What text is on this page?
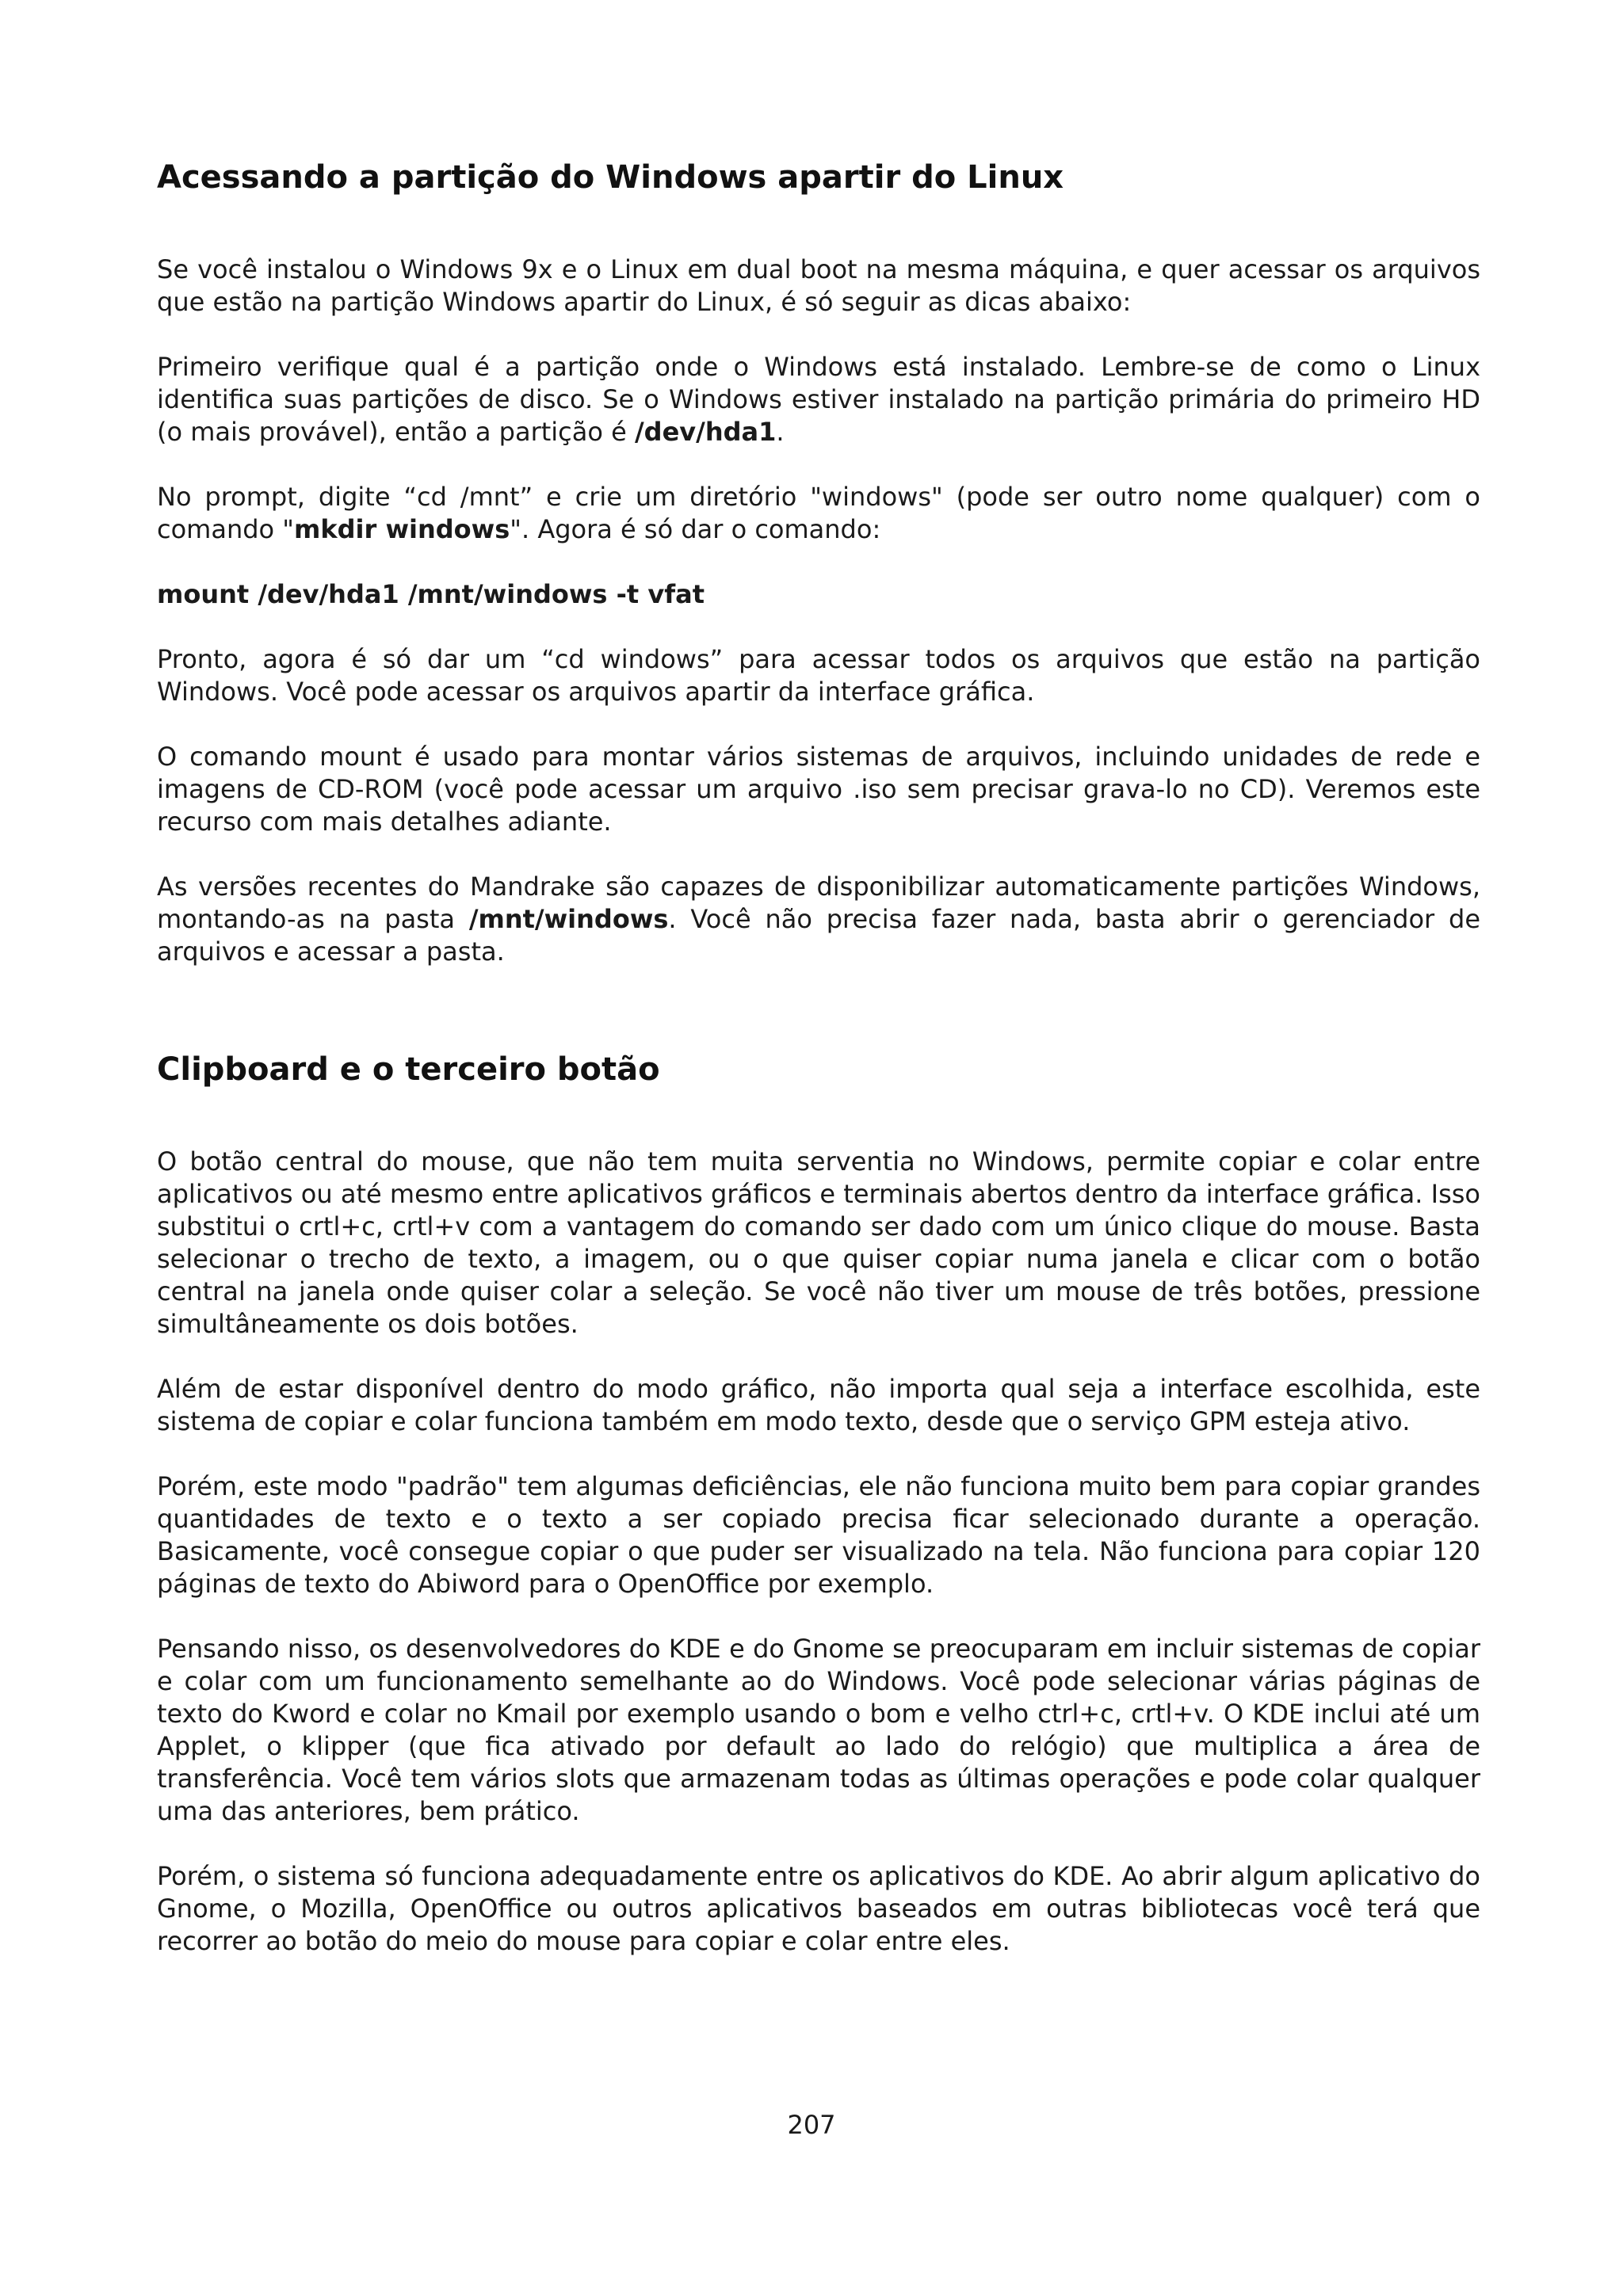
Acessando a partição do Windows apartir do Linux

Se você instalou o Windows 9x e o Linux em dual boot na mesma máquina, e quer acessar os arquivos que estão na partição Windows apartir do Linux, é só seguir as dicas abaixo:

Primeiro verifique qual é a partição onde o Windows está instalado. Lembre-se de como o Linux identifica suas partições de disco. Se o Windows estiver instalado na partição primária do primeiro HD (o mais provável), então a partição é /dev/hda1.

No prompt, digite “cd /mnt” e crie um diretório "windows" (pode ser outro nome qualquer) com o comando "mkdir windows". Agora é só dar o comando:

mount /dev/hda1 /mnt/windows -t vfat

Pronto, agora é só dar um “cd windows” para acessar todos os arquivos que estão na partição Windows. Você pode acessar os arquivos apartir da interface gráfica.

O comando mount é usado para montar vários sistemas de arquivos, incluindo unidades de rede e imagens de CD-ROM (você pode acessar um arquivo .iso sem precisar grava-lo no CD). Veremos este recurso com mais detalhes adiante.

As versões recentes do Mandrake são capazes de disponibilizar automaticamente partições Windows, montando-as na pasta /mnt/windows. Você não precisa fazer nada, basta abrir o gerenciador de arquivos e acessar a pasta.

Clipboard e o terceiro botão

O botão central do mouse, que não tem muita serventia no Windows, permite copiar e colar entre aplicativos ou até mesmo entre aplicativos gráficos e terminais abertos dentro da interface gráfica. Isso substitui o crtl+c, crtl+v com a vantagem do comando ser dado com um único clique do mouse. Basta selecionar o trecho de texto, a imagem, ou o que quiser copiar numa janela e clicar com o botão central na janela onde quiser colar a seleção. Se você não tiver um mouse de três botões, pressione simultâneamente os dois botões.

Além de estar disponível dentro do modo gráfico, não importa qual seja a interface escolhida, este sistema de copiar e colar funciona também em modo texto, desde que o serviço GPM esteja ativo.

Porém, este modo "padrão" tem algumas deficiências, ele não funciona muito bem para copiar grandes quantidades de texto e o texto a ser copiado precisa ficar selecionado durante a operação. Basicamente, você consegue copiar o que puder ser visualizado na tela. Não funciona para copiar 120 páginas de texto do Abiword para o OpenOffice por exemplo.

Pensando nisso, os desenvolvedores do KDE e do Gnome se preocuparam em incluir sistemas de copiar e colar com um funcionamento semelhante ao do Windows. Você pode selecionar várias páginas de texto do Kword e colar no Kmail por exemplo usando o bom e velho ctrl+c, crtl+v. O KDE inclui até um Applet, o klipper (que fica ativado por default ao lado do relógio) que multiplica a área de transferência. Você tem vários slots que armazenam todas as últimas operações e pode colar qualquer uma das anteriores, bem prático.

Porém, o sistema só funciona adequadamente entre os aplicativos do KDE. Ao abrir algum aplicativo do Gnome, o Mozilla, OpenOffice ou outros aplicativos baseados em outras bibliotecas você terá que recorrer ao botão do meio do mouse para copiar e colar entre eles.

207
